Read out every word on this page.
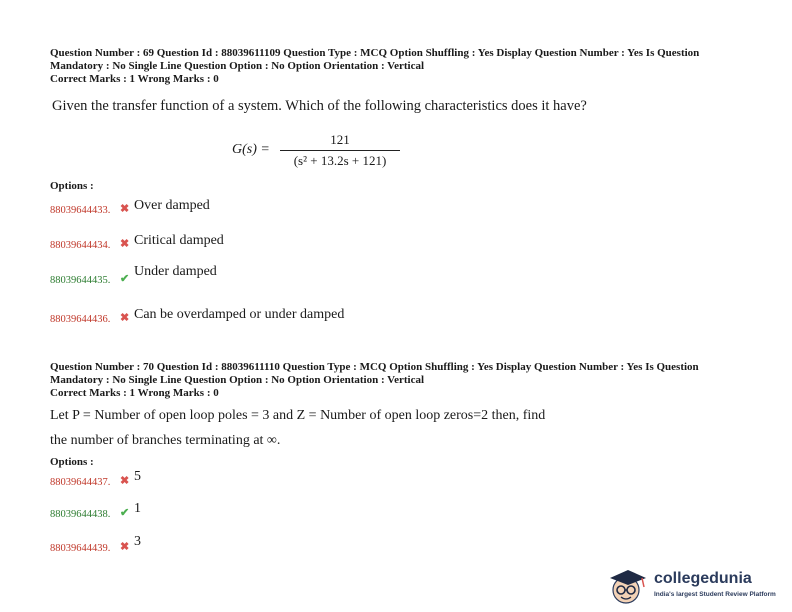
Question Number : 69 Question Id : 88039611109 Question Type : MCQ Option Shuffling : Yes Display Question Number : Yes Is Question
Mandatory : No Single Line Question Option : No Option Orientation : Vertical
Correct Marks : 1 Wrong Marks : 0
Given the transfer function of a system. Which of the following characteristics does it have?
G(s) =
121
(s² + 13.2s + 121)
Options :
88039644433. ✖ Over damped
88039644434. ✖ Critical damped
88039644435. ✔ Under damped
88039644436. ✖ Can be overdamped or under damped
Question Number : 70 Question Id : 88039611110 Question Type : MCQ Option Shuffling : Yes Display Question Number : Yes Is Question
Mandatory : No Single Line Question Option : No Option Orientation : Vertical
Correct Marks : 1 Wrong Marks : 0
Let P = Number of open loop poles = 3 and Z = Number of open loop zeros=2 then, find
the number of branches terminating at ∞.
Options :
88039644437. ✖ 5
88039644438. ✔ 1
88039644439. ✖ 3
collegedunia
India's largest Student Review Platform
